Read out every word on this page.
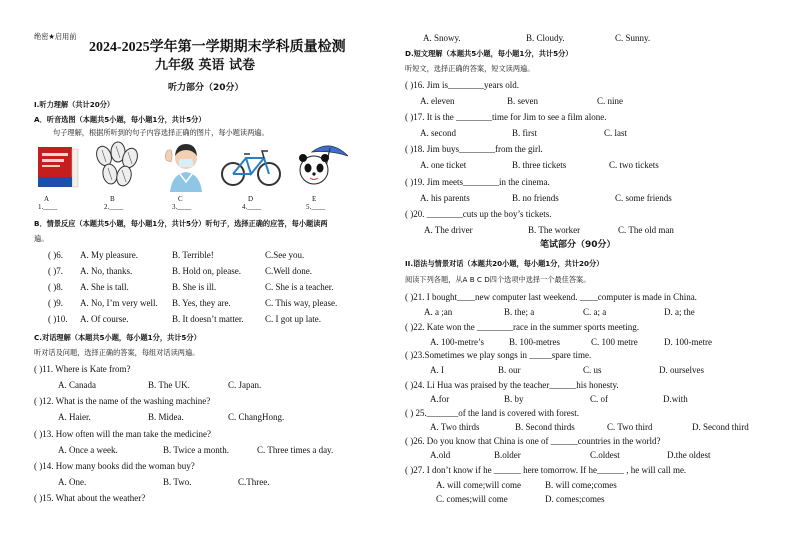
绝密★启用前
2024-2025学年第一学期期末学科质量检测
九年级 英语 试卷
听力部分（20分）
I.听力理解（共计20分）
A．听音选图（本题共5小题，每小题1分，共计5分）
句子理解，根据所听到的句子内容选择正确的图片，每小题读两遍。
A	B	C	D	E
1.____	2.____	3.____	4.____	5.____
B．情景反应（本题共5小题，每小题1分，共计5分）听句子，选择正确的应答，每小题读两
遍。
( )6. A. My pleasure.	B. Terrible!	C.See you.
( )7. A. No, thanks.	B. Hold on, please.	C.Well done.
( )8. A. She is tall.	B. She is ill.	C. She is a teacher.
( )9. A. No, I’m very well. B. Yes, they are.	C. This way, please.
( )10. A. Of course.	B. It doesn’t matter. C. I got up late.
C.对话理解（本题共5小题，每小题1分，共计5分）
听对话及问题，选择正确的答案，每组对话读两遍。
( )11. Where is Kate from?
A. Canada	B. The UK.	C. Japan.
( )12. What is the name of the washing machine?
A. Haier.	B. Midea.	C. ChangHong.
( )13. How often will the man take the medicine?
A. Once a week.	B. Twice a month.	C. Three times a day.
( )14. How many books did the woman buy?
A. One.	B. Two.	C.Three.
( )15. What about the weather?
A. Snowy.	B. Cloudy.	C. Sunny.
D.短文理解（本题共5小题，每小题1分，共计5分）
听短文，选择正确的答案，短文读两遍。
( )16. Jim is________years old.
A. eleven	B. seven	C. nine
( )17. It is the ________time for Jim to see a film alone.
A. second	B. first	C. last
( )18. Jim buys________from the girl.
A. one ticket	B. three tickets	C. two tickets
( )19. Jim meets________in the cinema.
A. his parents	B. no friends	C. some friends
( )20. ________cuts up the boy’s tickets.
A. The driver	B. The worker	C. The old man
笔试部分（90分）
II.语法与情景对话（本题共20小题，每小题1分，共计20分）
阅读下列各题，从A B C D四个选项中选择一个最佳答案。
( )21. I bought____new computer last weekend. ____computer is made in China.
A. a ;an	B. the; a	C. a; a	D. a; the
( )22. Kate won the ________race in the summer sports meeting.
A. 100-metre’s	B. 100-metres	C. 100 metre	D. 100-metre
( )23.Sometimes we play songs in _____spare time.
A. I	B. our	C. us	D. ourselves
( )24. Li Hua was praised by the teacher______his honesty.
A.for	B. by	C. of	D.with
( ) 25._______of the land is covered with forest.
A. Two thirds	B. Second thirds	C. Two third	D. Second third
( )26. Do you know that China is one of ______countries in the world?
A.old	B.older	C.oldest	D.the oldest
( )27. I don’t know if he ______ here tomorrow. If he______ , he will call me.
A. will come;will come	B. will come;comes
C. comes;will come	D. comes;comes
